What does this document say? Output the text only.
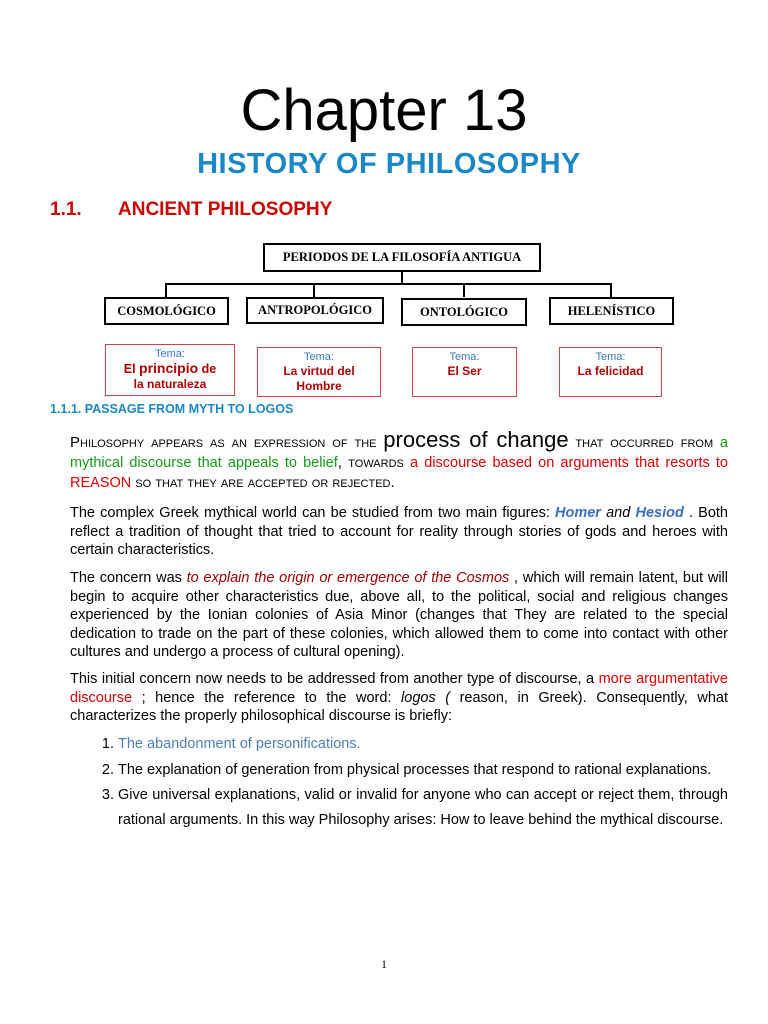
Chapter 13
HISTORY OF PHILOSOPHY
1.1. ANCIENT PHILOSOPHY
PERIODOS DE LA FILOSOFÍA ANTIGUA
COSMOLÓGICO	ANTROPOLÓGICO	ONTOLÓGICO	HELENÍSTICO
Tema:
El principio de
la naturaleza
Tema:
La virtud del
Hombre
Tema:
El Ser
Tema:
La felicidad
1.1.1. PASSAGE FROM MYTH TO LOGOS
Philosophy appears as an expression of the process of change that occurred from a mythical discourse that appeals to belief, towards a discourse based on arguments that resorts to REASON so that they are accepted or rejected.
The complex Greek mythical world can be studied from two main figures: Homer and Hesiod . Both reflect a tradition of thought that tried to account for reality through stories of gods and heroes with certain characteristics.
The concern was to explain the origin or emergence of the Cosmos , which will remain latent, but will begin to acquire other characteristics due, above all, to the political, social and religious changes experienced by the Ionian colonies of Asia Minor (changes that They are related to the special dedication to trade on the part of these colonies, which allowed them to come into contact with other cultures and undergo a process of cultural opening).
This initial concern now needs to be addressed from another type of discourse, a more argumentative discourse ; hence the reference to the word: logos ( reason, in Greek). Consequently, what characterizes the properly philosophical discourse is briefly:
1. The abandonment of personifications.
2. The explanation of generation from physical processes that respond to rational explanations.
3. Give universal explanations, valid or invalid for anyone who can accept or reject them, through rational arguments. In this way Philosophy arises: How to leave behind the mythical discourse.
1
